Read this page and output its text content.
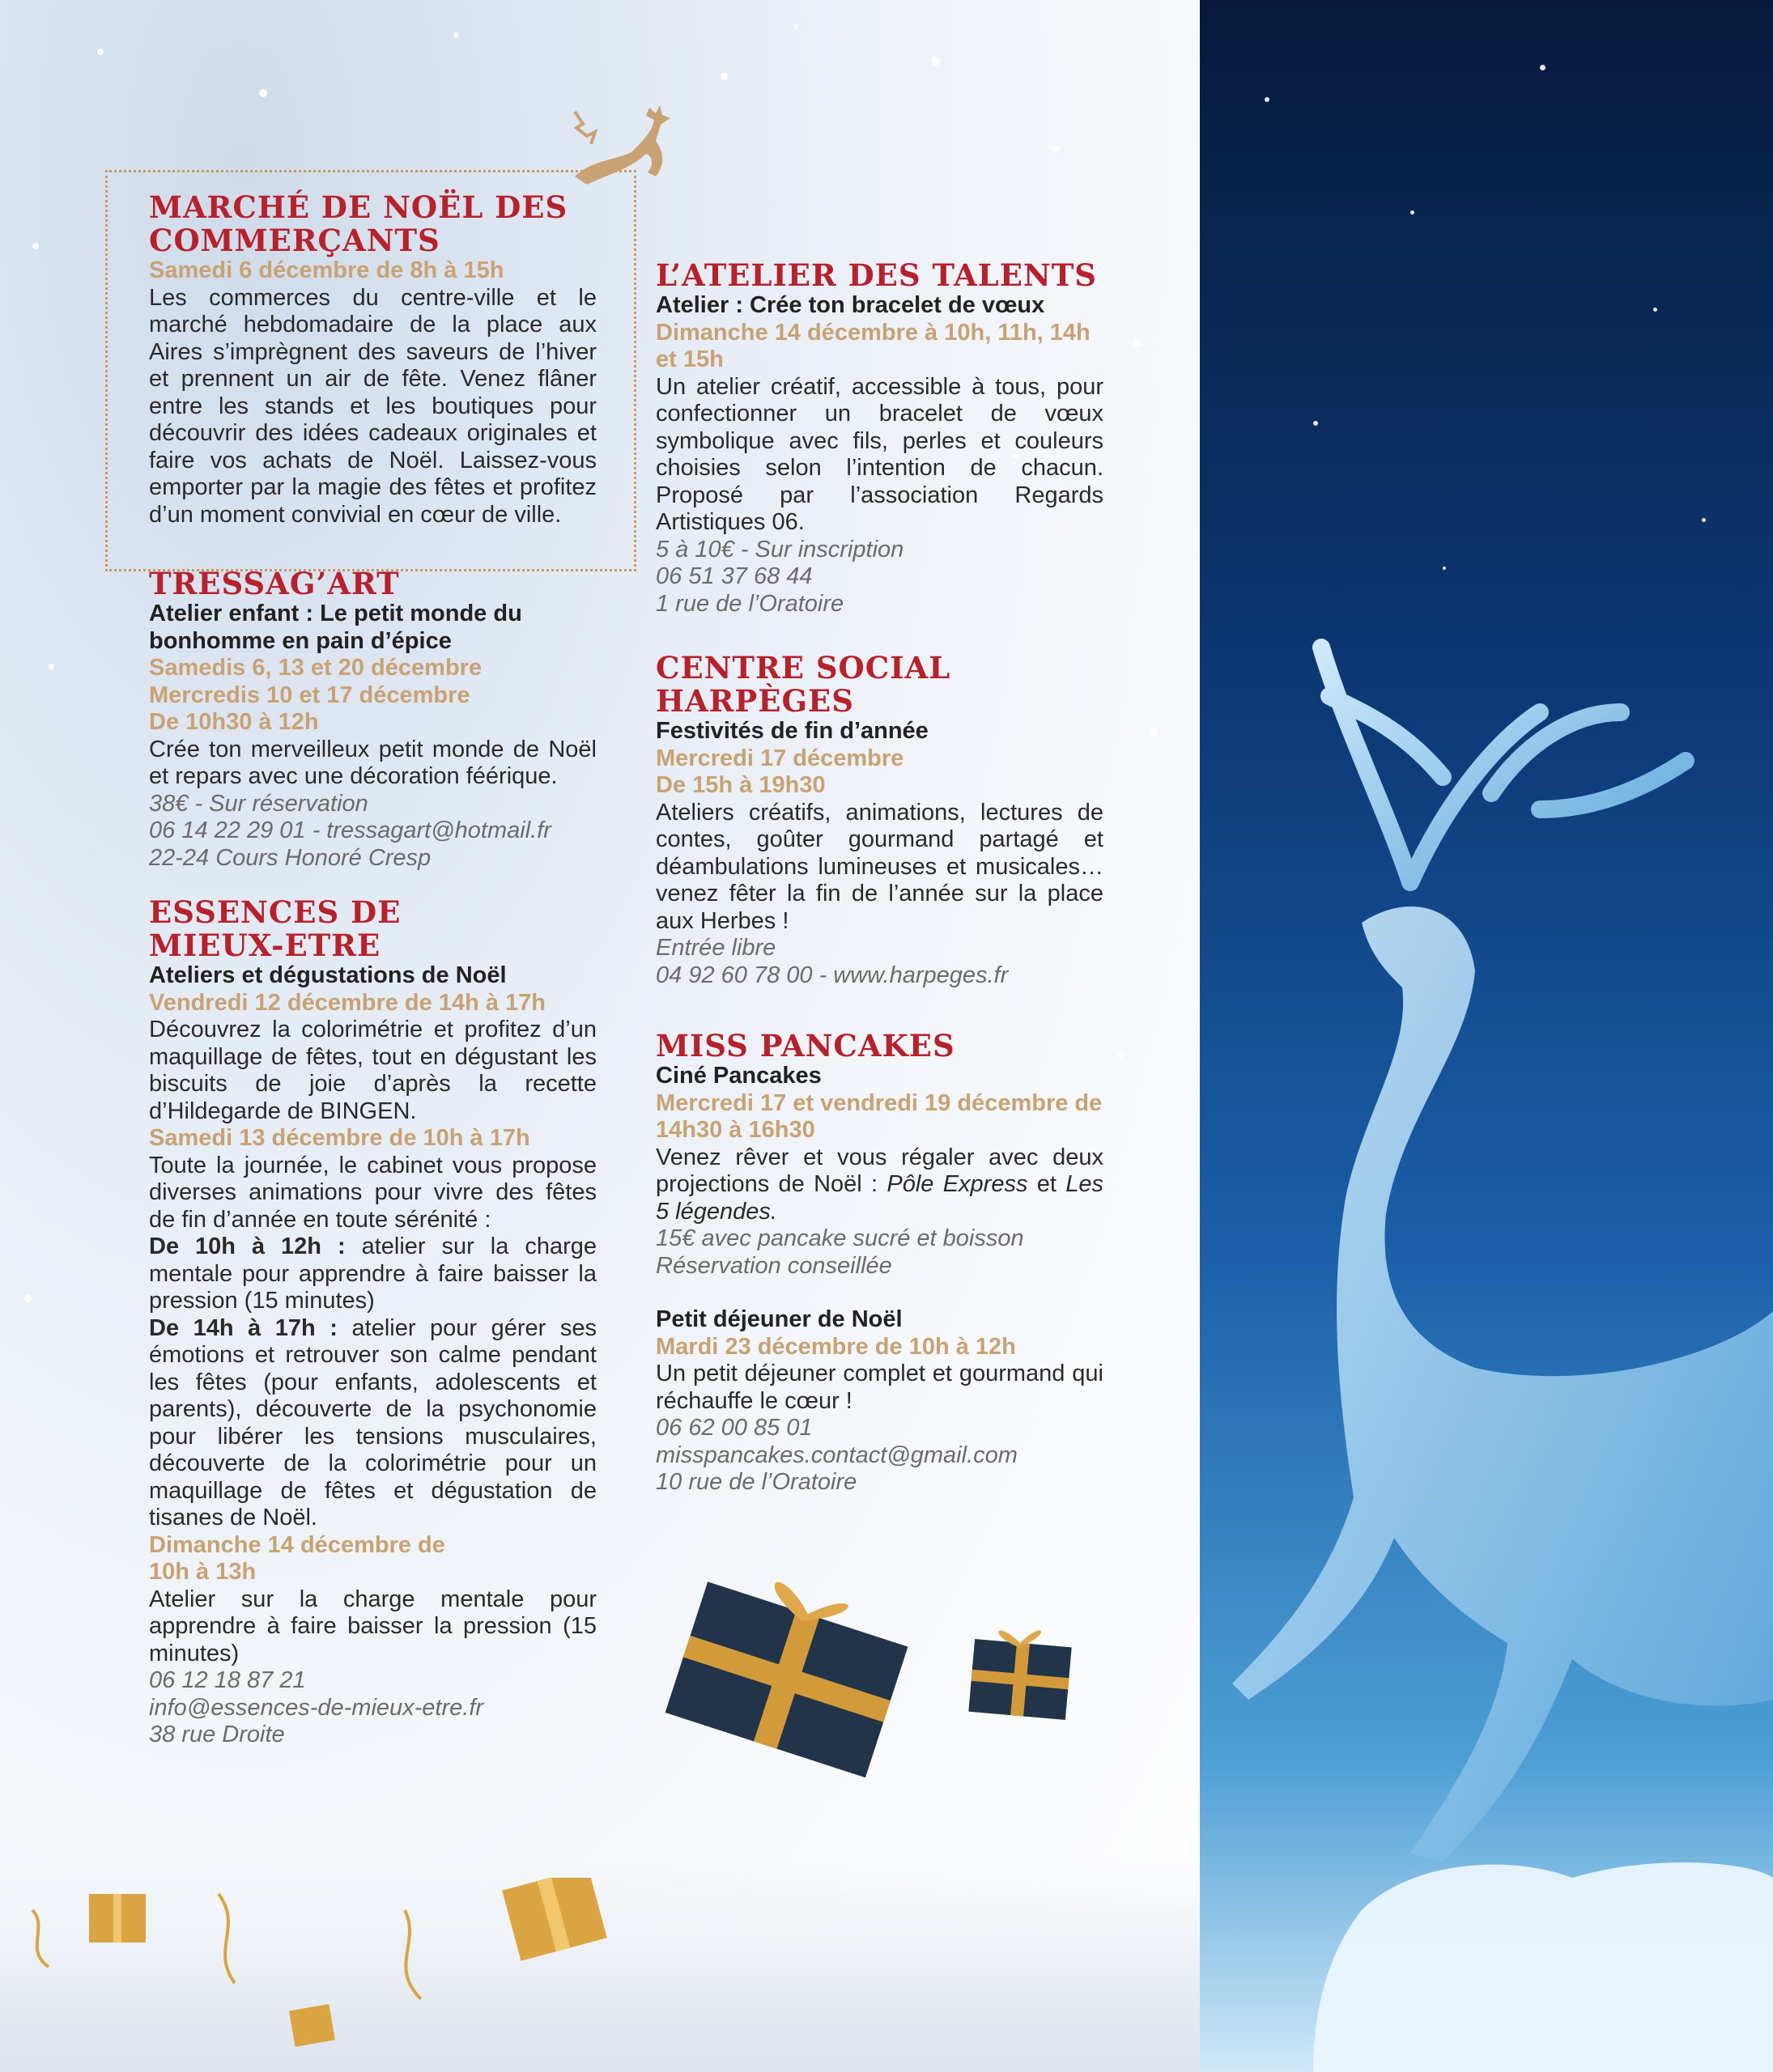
MARCHÉ DE NOËL DES COMMERÇANTS
Samedi 6 décembre de 8h à 15h
Les commerces du centre-ville et le marché hebdomadaire de la place aux Aires s’imprègnent des saveurs de l’hiver et prennent un air de fête. Venez flâner entre les stands et les boutiques pour découvrir des idées cadeaux originales et faire vos achats de Noël. Laissez-vous emporter par la magie des fêtes et profitez d’un moment convivial en cœur de ville.
TRESSAG’ART
Atelier enfant : Le petit monde du bonhomme en pain d’épice
Samedis 6, 13 et 20 décembre
Mercredis 10 et 17 décembre
De 10h30 à 12h
Crée ton merveilleux petit monde de Noël et repars avec une décoration féérique.
38€ - Sur réservation
06 14 22 29 01 - tressagart@hotmail.fr
22-24 Cours Honoré Cresp
ESSENCES DE MIEUX-ETRE
Ateliers et dégustations de Noël
Vendredi 12 décembre de 14h à 17h
Découvrez la colorimétrie et profitez d’un maquillage de fêtes, tout en dégustant les biscuits de joie d’après la recette d’Hildegarde de BINGEN.
Samedi 13 décembre de 10h à 17h
Toute la journée, le cabinet vous propose diverses animations pour vivre des fêtes de fin d’année en toute sérénité :
De 10h à 12h : atelier sur la charge mentale pour apprendre à faire baisser la pression (15 minutes)
De 14h à 17h : atelier pour gérer ses émotions et retrouver son calme pendant les fêtes (pour enfants, adolescents et parents), découverte de la psychonomie pour libérer les tensions musculaires, découverte de la colorimétrie pour un maquillage de fêtes et dégustation de tisanes de Noël.
Dimanche 14 décembre de 10h à 13h
Atelier sur la charge mentale pour apprendre à faire baisser la pression (15 minutes)
06 12 18 87 21
info@essences-de-mieux-etre.fr
38 rue Droite
L’ATELIER DES TALENTS
Atelier : Crée ton bracelet de vœux
Dimanche 14 décembre à 10h, 11h, 14h et 15h
Un atelier créatif, accessible à tous, pour confectionner un bracelet de vœux symbolique avec fils, perles et couleurs choisies selon l’intention de chacun. Proposé par l’association Regards Artistiques 06.
5 à 10€ - Sur inscription
06 51 37 68 44
1 rue de l’Oratoire
CENTRE SOCIAL HARPÈGES
Festivités de fin d’année
Mercredi 17 décembre
De 15h à 19h30
Ateliers créatifs, animations, lectures de contes, goûter gourmand partagé et déambulations lumineuses et musicales… venez fêter la fin de l’année sur la place aux Herbes !
Entrée libre
04 92 60 78 00 - www.harpeges.fr
MISS PANCAKES
Ciné Pancakes
Mercredi 17 et vendredi 19 décembre de 14h30 à 16h30
Venez rêver et vous régaler avec deux projections de Noël : Pôle Express et Les 5 légendes.
15€ avec pancake sucré et boisson
Réservation conseillée
Petit déjeuner de Noël
Mardi 23 décembre de 10h à 12h
Un petit déjeuner complet et gourmand qui réchauffe le cœur !
06 62 00 85 01
misspancakes.contact@gmail.com
10 rue de l’Oratoire
